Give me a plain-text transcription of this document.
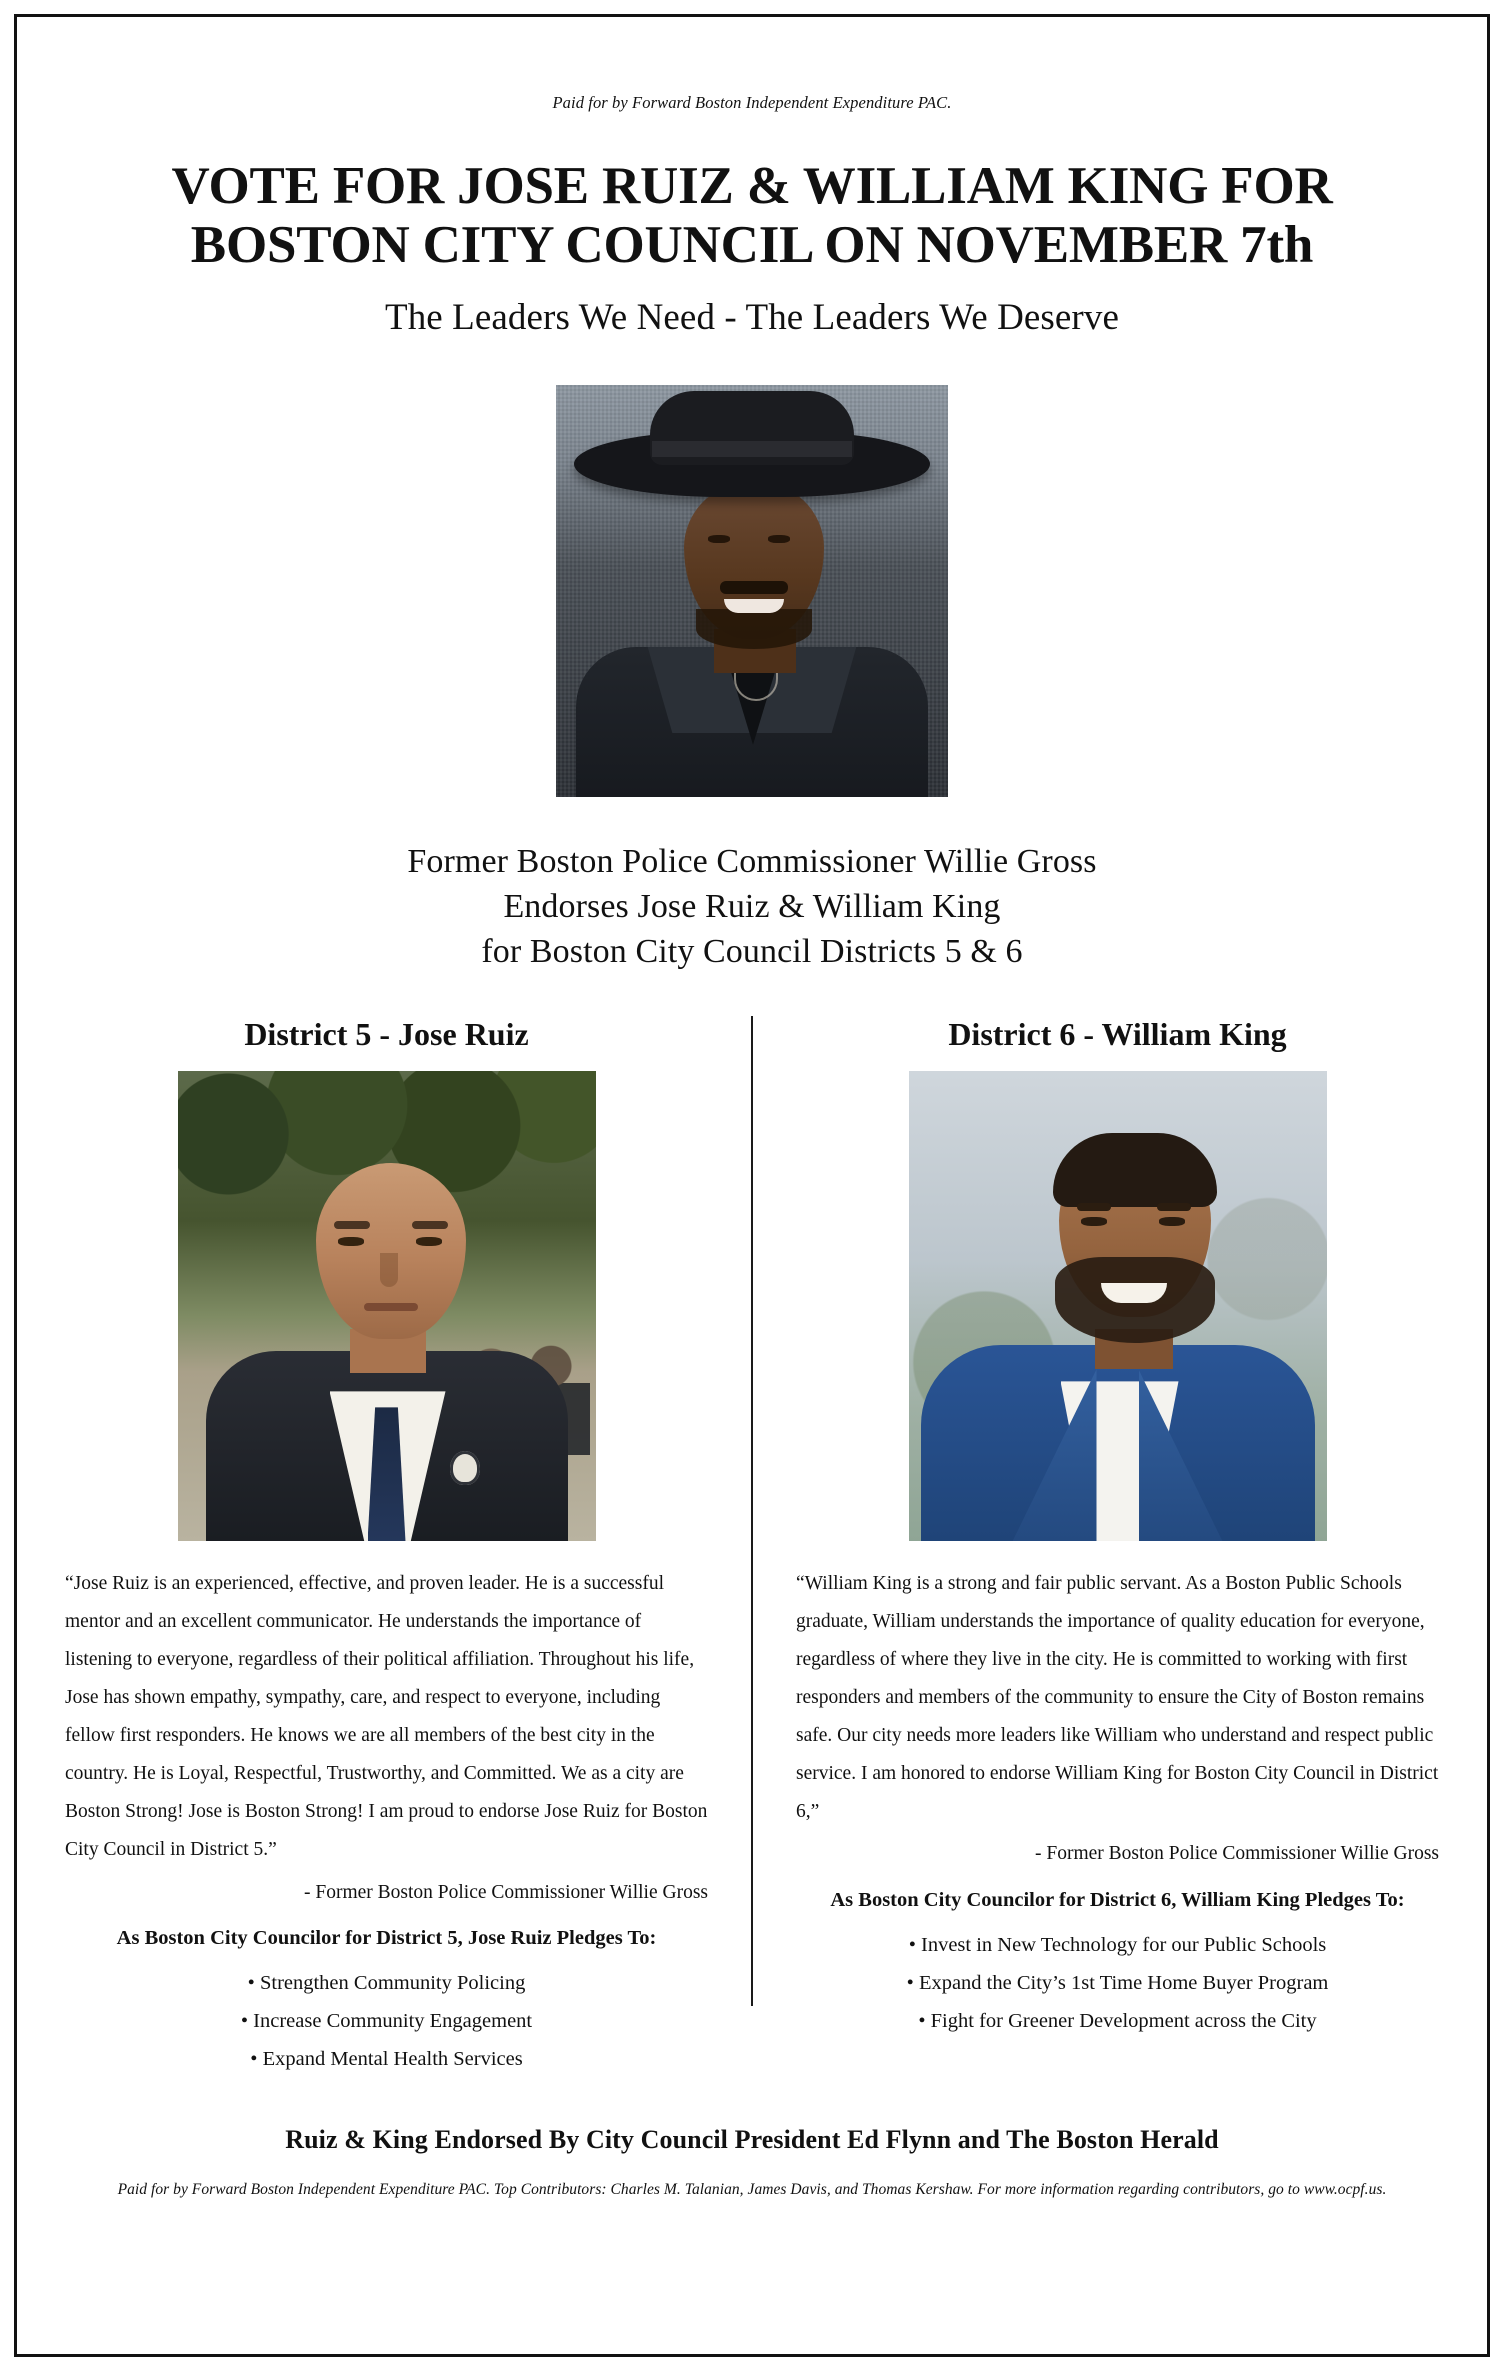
Paid for by Forward Boston Independent Expenditure PAC.
VOTE FOR JOSE RUIZ & WILLIAM KING FOR BOSTON CITY COUNCIL ON NOVEMBER 7th
The Leaders We Need - The Leaders We Deserve
Former Boston Police Commissioner Willie Gross
Endorses Jose Ruiz & William King
for Boston City Council Districts 5 & 6
District 5 - Jose Ruiz
“Jose Ruiz is an experienced, effective, and proven leader. He is a successful mentor and an excellent communicator. He understands the importance of listening to everyone, regardless of their political affiliation. Throughout his life, Jose has shown empathy, sympathy, care, and respect to everyone, including fellow first responders. He knows we are all members of the best city in the country. He is Loyal, Respectful, Trustworthy, and Committed. We as a city are Boston Strong! Jose is Boston Strong! I am proud to endorse Jose Ruiz for Boston City Council in District 5.”
- Former Boston Police Commissioner Willie Gross
As Boston City Councilor for District 5, Jose Ruiz Pledges To:
• Strengthen Community Policing
• Increase Community Engagement
• Expand Mental Health Services
District 6 - William King
“William King is a strong and fair public servant. As a Boston Public Schools graduate, William understands the importance of quality education for everyone, regardless of where they live in the city. He is committed to working with first responders and members of the community to ensure the City of Boston remains safe. Our city needs more leaders like William who understand and respect public service. I am honored to endorse William King for Boston City Council in District 6,”
- Former Boston Police Commissioner Willie Gross
As Boston City Councilor for District 6, William King Pledges To:
• Invest in New Technology for our Public Schools
• Expand the City’s 1st Time Home Buyer Program
• Fight for Greener Development across the City
Ruiz & King Endorsed By City Council President Ed Flynn and The Boston Herald
Paid for by Forward Boston Independent Expenditure PAC. Top Contributors: Charles M. Talanian, James Davis, and Thomas Kershaw. For more information regarding contributors, go to www.ocpf.us.
